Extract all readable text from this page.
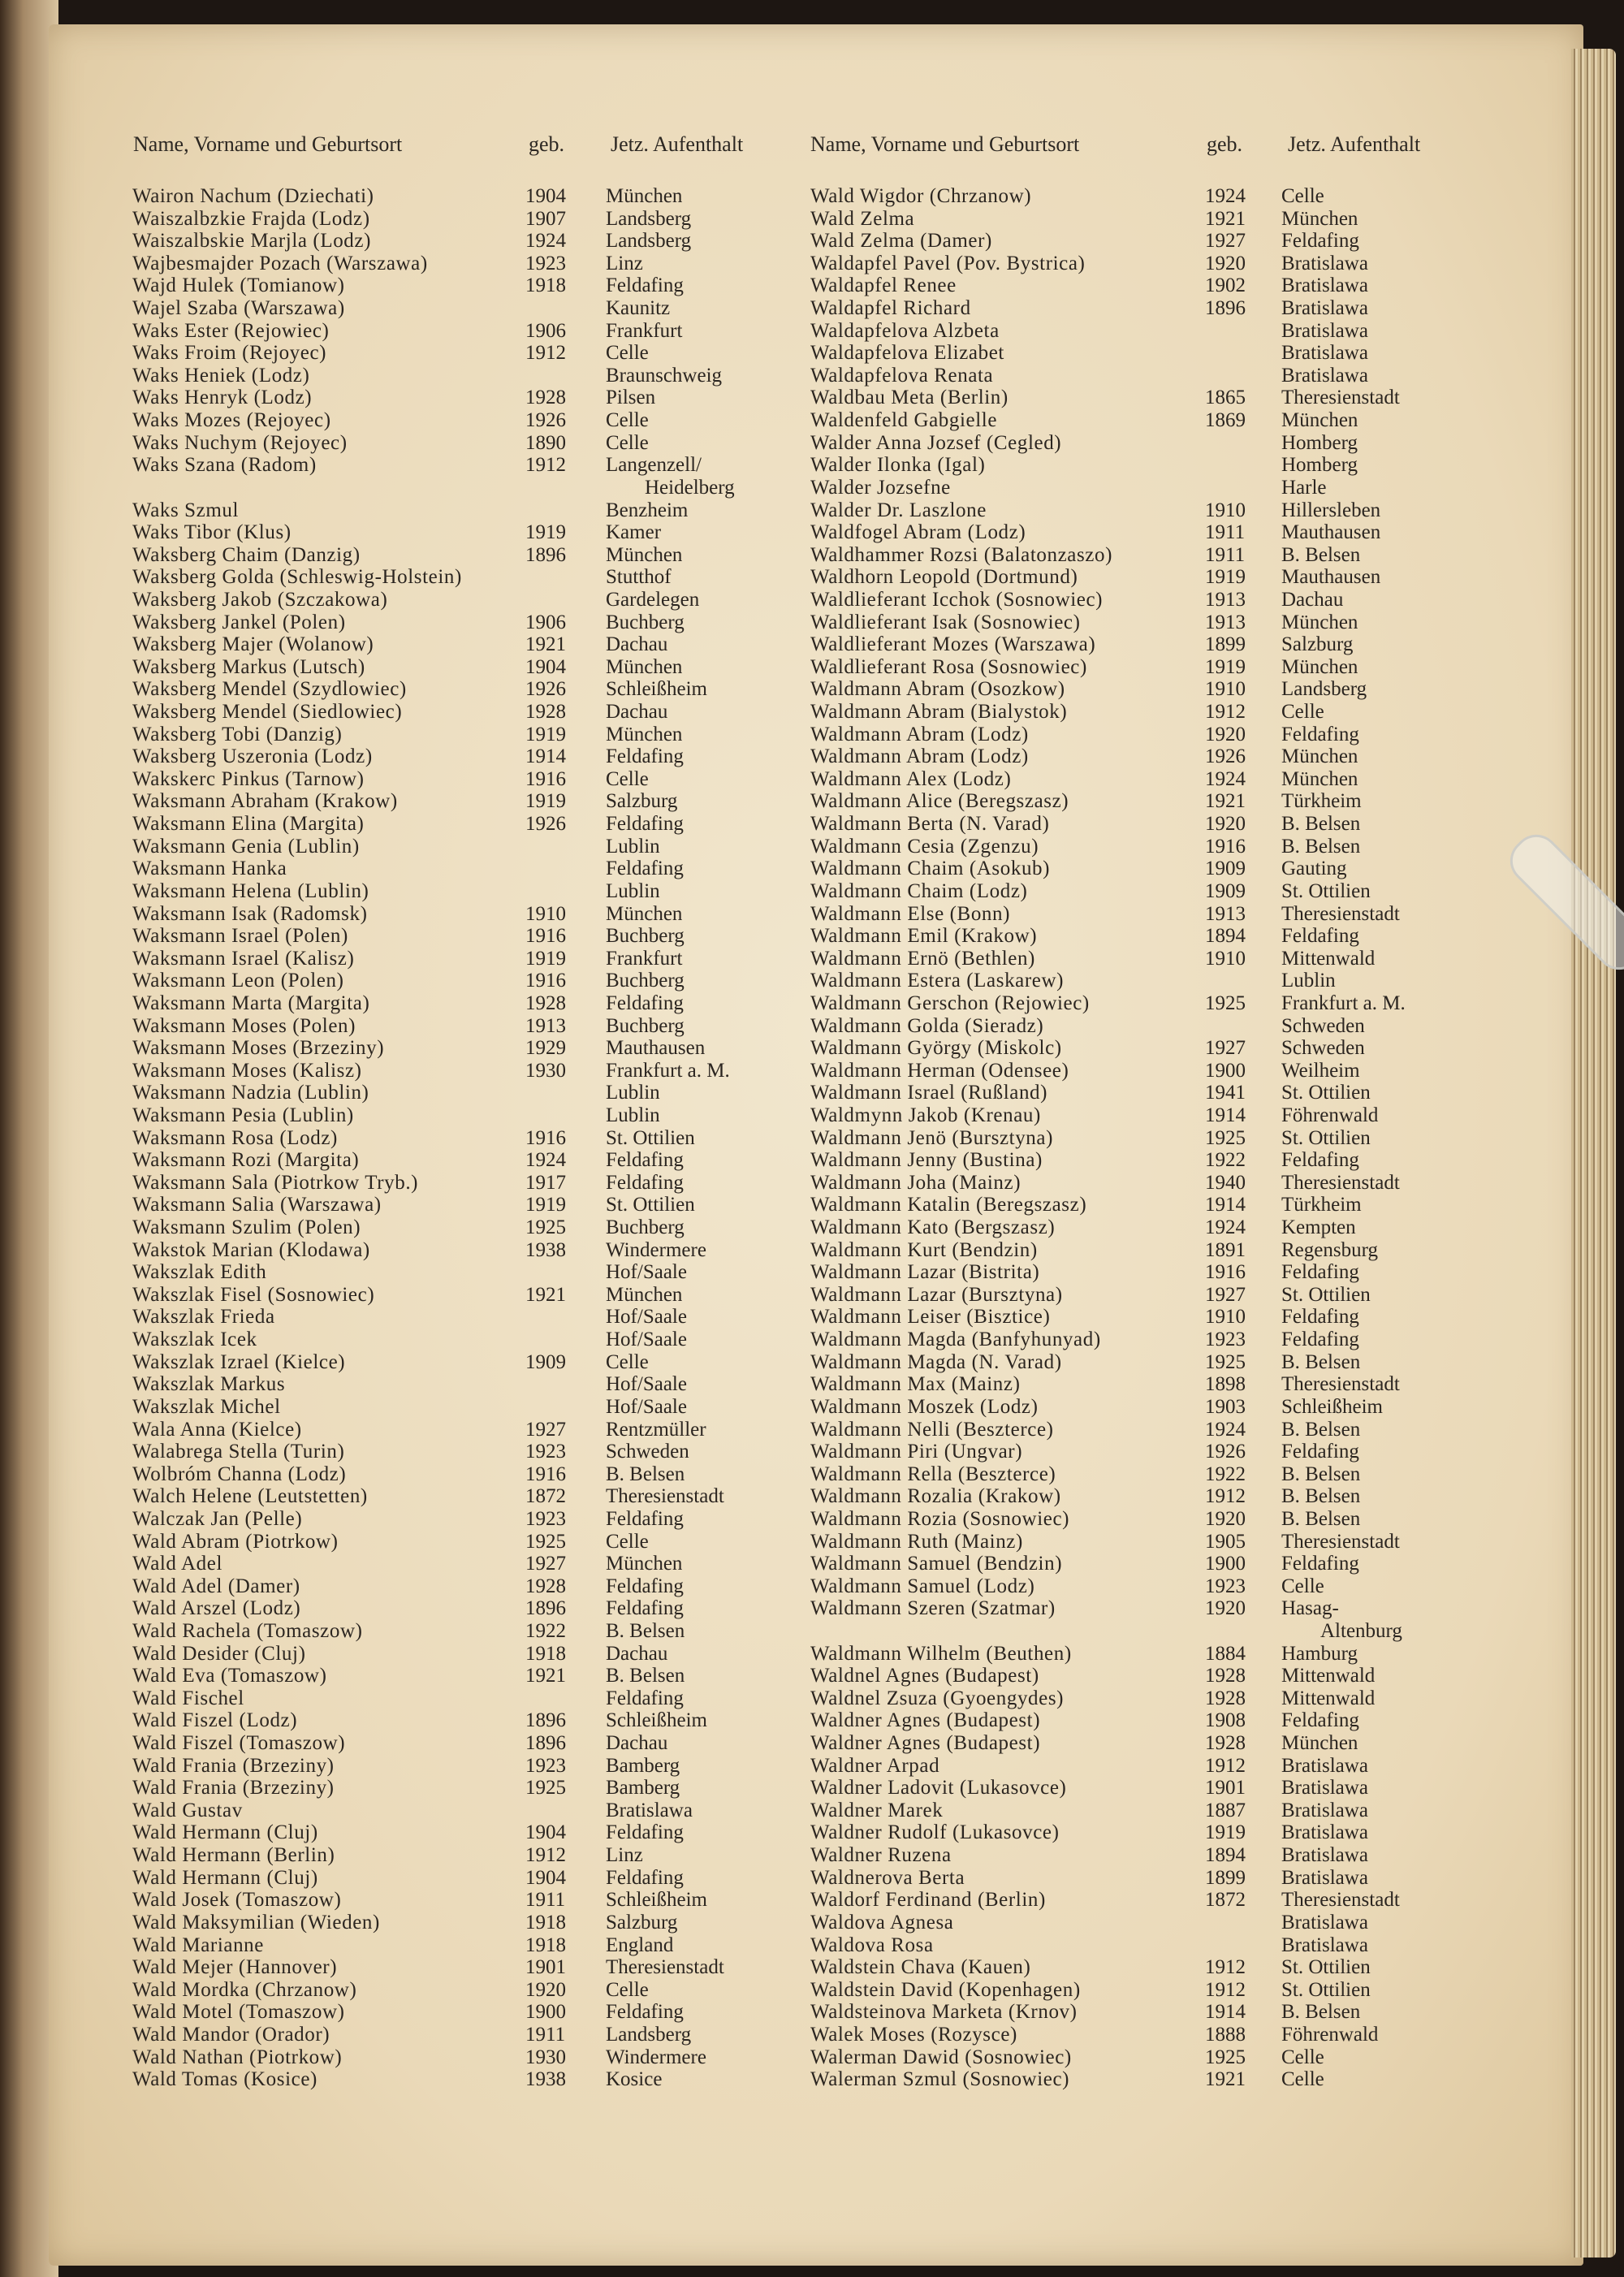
Name, Vorname und Geburtsort	geb. Jetz. Aufenthalt	Name, Vorname und Geburtsort	geb. Jetz. Aufenthalt
Wairon Nachum (Dziechati)	1904 München
Waiszalbzkie Frajda (Lodz)	1907 Landsberg
Waiszalbskie Marjla (Lodz)	1924 Landsberg
Wajbesmajder Pozach (Warszawa)	1923 Linz
Wajd Hulek (Tomianow)	1918 Feldafing
Wajel Szaba (Warszawa)	Kaunitz
Waks Ester (Rejowiec)	1906 Frankfurt
Waks Froim (Rejoyec)	1912 Celle
Waks Heniek (Lodz)	Braunschweig
Waks Henryk (Lodz)	1928 Pilsen
Waks Mozes (Rejoyec)	1926 Celle
Waks Nuchym (Rejoyec)	1890 Celle
Waks Szana (Radom)	1912 Langenzell/
Heidelberg
Waks Szmul	Benzheim
Waks Tibor (Klus)	1919 Kamer
Waksberg Chaim (Danzig)	1896 München
Waksberg Golda (Schleswig-Holstein)	Stutthof
Waksberg Jakob (Szczakowa)	Gardelegen
Waksberg Jankel (Polen)	1906 Buchberg
Waksberg Majer (Wolanow)	1921 Dachau
Waksberg Markus (Lutsch)	1904 München
Waksberg Mendel (Szydlowiec)	1926 Schleißheim
Waksberg Mendel (Siedlowiec)	1928 Dachau
Waksberg Tobi (Danzig)	1919 München
Waksberg Uszeronia (Lodz)	1914 Feldafing
Wakskerc Pinkus (Tarnow)	1916 Celle
Waksmann Abraham (Krakow)	1919 Salzburg
Waksmann Elina (Margita)	1926 Feldafing
Waksmann Genia (Lublin)	Lublin
Waksmann Hanka	Feldafing
Waksmann Helena (Lublin)	Lublin
Waksmann Isak (Radomsk)	1910 München
Waksmann Israel (Polen)	1916 Buchberg
Waksmann Israel (Kalisz)	1919 Frankfurt
Waksmann Leon (Polen)	1916 Buchberg
Waksmann Marta (Margita)	1928 Feldafing
Waksmann Moses (Polen)	1913 Buchberg
Waksmann Moses (Brzeziny)	1929 Mauthausen
Waksmann Moses (Kalisz)	1930 Frankfurt a. M.
Waksmann Nadzia (Lublin)	Lublin
Waksmann Pesia (Lublin)	Lublin
Waksmann Rosa (Lodz)	1916 St. Ottilien
Waksmann Rozi (Margita)	1924 Feldafing
Waksmann Sala (Piotrkow Tryb.)	1917 Feldafing
Waksmann Salia (Warszawa)	1919 St. Ottilien
Waksmann Szulim (Polen)	1925 Buchberg
Wakstok Marian (Klodawa)	1938 Windermere
Wakszlak Edith	Hof/Saale
Wakszlak Fisel (Sosnowiec)	1921 München
Wakszlak Frieda	Hof/Saale
Wakszlak Icek	Hof/Saale
Wakszlak Izrael (Kielce)	1909 Celle
Wakszlak Markus	Hof/Saale
Wakszlak Michel	Hof/Saale
Wala Anna (Kielce)	1927 Rentzmüller
Walabrega Stella (Turin)	1923 Schweden
Wolbróm Channa (Lodz)	1916 B. Belsen
Walch Helene (Leutstetten)	1872 Theresienstadt
Walczak Jan (Pelle)	1923 Feldafing
Wald Abram (Piotrkow)	1925 Celle
Wald Adel	1927 München
Wald Adel (Damer)	1928 Feldafing
Wald Arszel (Lodz)	1896 Feldafing
Wald Rachela (Tomaszow)	1922 B. Belsen
Wald Desider (Cluj)	1918 Dachau
Wald Eva (Tomaszow)	1921 B. Belsen
Wald Fischel	Feldafing
Wald Fiszel (Lodz)	1896 Schleißheim
Wald Fiszel (Tomaszow)	1896 Dachau
Wald Frania (Brzeziny)	1923 Bamberg
Wald Frania (Brzeziny)	1925 Bamberg
Wald Gustav	Bratislawa
Wald Hermann (Cluj)	1904 Feldafing
Wald Hermann (Berlin)	1912 Linz
Wald Hermann (Cluj)	1904 Feldafing
Wald Josek (Tomaszow)	1911 Schleißheim
Wald Maksymilian (Wieden)	1918 Salzburg
Wald Marianne	1918 England
Wald Mejer (Hannover)	1901 Theresienstadt
Wald Mordka (Chrzanow)	1920 Celle
Wald Motel (Tomaszow)	1900 Feldafing
Wald Mandor (Orador)	1911 Landsberg
Wald Nathan (Piotrkow)	1930 Windermere
Wald Tomas (Kosice)	1938 Kosice
Wald Wigdor (Chrzanow)	1924 Celle
Wald Zelma	1921 München
Wald Zelma (Damer)	1927 Feldafing
Waldapfel Pavel (Pov. Bystrica)	1920 Bratislawa
Waldapfel Renee	1902 Bratislawa
Waldapfel Richard	1896 Bratislawa
Waldapfelova Alzbeta	Bratislawa
Waldapfelova Elizabet	Bratislawa
Waldapfelova Renata	Bratislawa
Waldbau Meta (Berlin)	1865 Theresienstadt
Waldenfeld Gabgielle	1869 München
Walder Anna Jozsef (Cegled)	Homberg
Walder Ilonka (Igal)	Homberg
Walder Jozsefne	Harle
Walder Dr. Laszlone	1910 Hillersleben
Waldfogel Abram (Lodz)	1911 Mauthausen
Waldhammer Rozsi (Balatonzaszo)	1911 B. Belsen
Waldhorn Leopold (Dortmund)	1919 Mauthausen
Waldlieferant Icchok (Sosnowiec)	1913 Dachau
Waldlieferant Isak (Sosnowiec)	1913 München
Waldlieferant Mozes (Warszawa)	1899 Salzburg
Waldlieferant Rosa (Sosnowiec)	1919 München
Waldmann Abram (Osozkow)	1910 Landsberg
Waldmann Abram (Bialystok)	1912 Celle
Waldmann Abram (Lodz)	1920 Feldafing
Waldmann Abram (Lodz)	1926 München
Waldmann Alex (Lodz)	1924 München
Waldmann Alice (Beregszasz)	1921 Türkheim
Waldmann Berta (N. Varad)	1920 B. Belsen
Waldmann Cesia (Zgenzu)	1916 B. Belsen
Waldmann Chaim (Asokub)	1909 Gauting
Waldmann Chaim (Lodz)	1909 St. Ottilien
Waldmann Else (Bonn)	1913 Theresienstadt
Waldmann Emil (Krakow)	1894 Feldafing
Waldmann Ernö (Bethlen)	1910 Mittenwald
Waldmann Estera (Laskarew)	Lublin
Waldmann Gerschon (Rejowiec)	1925 Frankfurt a. M.
Waldmann Golda (Sieradz)	Schweden
Waldmann György (Miskolc)	1927 Schweden
Waldmann Herman (Odensee)	1900 Weilheim
Waldmann Israel (Rußland)	1941 St. Ottilien
Waldmynn Jakob (Krenau)	1914 Föhrenwald
Waldmann Jenö (Bursztyna)	1925 St. Ottilien
Waldmann Jenny (Bustina)	1922 Feldafing
Waldmann Joha (Mainz)	1940 Theresienstadt
Waldmann Katalin (Beregszasz)	1914 Türkheim
Waldmann Kato (Bergszasz)	1924 Kempten
Waldmann Kurt (Bendzin)	1891 Regensburg
Waldmann Lazar (Bistrita)	1916 Feldafing
Waldmann Lazar (Bursztyna)	1927 St. Ottilien
Waldmann Leiser (Bisztice)	1910 Feldafing
Waldmann Magda (Banfyhunyad)	1923 Feldafing
Waldmann Magda (N. Varad)	1925 B. Belsen
Waldmann Max (Mainz)	1898 Theresienstadt
Waldmann Moszek (Lodz)	1903 Schleißheim
Waldmann Nelli (Beszterce)	1924 B. Belsen
Waldmann Piri (Ungvar)	1926 Feldafing
Waldmann Rella (Beszterce)	1922 B. Belsen
Waldmann Rozalia (Krakow)	1912 B. Belsen
Waldmann Rozia (Sosnowiec)	1920 B. Belsen
Waldmann Ruth (Mainz)	1905 Theresienstadt
Waldmann Samuel (Bendzin)	1900 Feldafing
Waldmann Samuel (Lodz)	1923 Celle
Waldmann Szeren (Szatmar)	1920 Hasag-
Altenburg
Waldmann Wilhelm (Beuthen)	1884 Hamburg
Waldnel Agnes (Budapest)	1928 Mittenwald
Waldnel Zsuza (Gyoengydes)	1928 Mittenwald
Waldner Agnes (Budapest)	1908 Feldafing
Waldner Agnes (Budapest)	1928 München
Waldner Arpad	1912 Bratislawa
Waldner Ladovit (Lukasovce)	1901 Bratislawa
Waldner Marek	1887 Bratislawa
Waldner Rudolf (Lukasovce)	1919 Bratislawa
Waldner Ruzena	1894 Bratislawa
Waldnerova Berta	1899 Bratislawa
Waldorf Ferdinand (Berlin)	1872 Theresienstadt
Waldova Agnesa	Bratislawa
Waldova Rosa	Bratislawa
Waldstein Chava (Kauen)	1912 St. Ottilien
Waldstein David (Kopenhagen)	1912 St. Ottilien
Waldsteinova Marketa (Krnov)	1914 B. Belsen
Walek Moses (Rozysce)	1888 Föhrenwald
Walerman Dawid (Sosnowiec)	1925 Celle
Walerman Szmul (Sosnowiec)	1921 Celle
